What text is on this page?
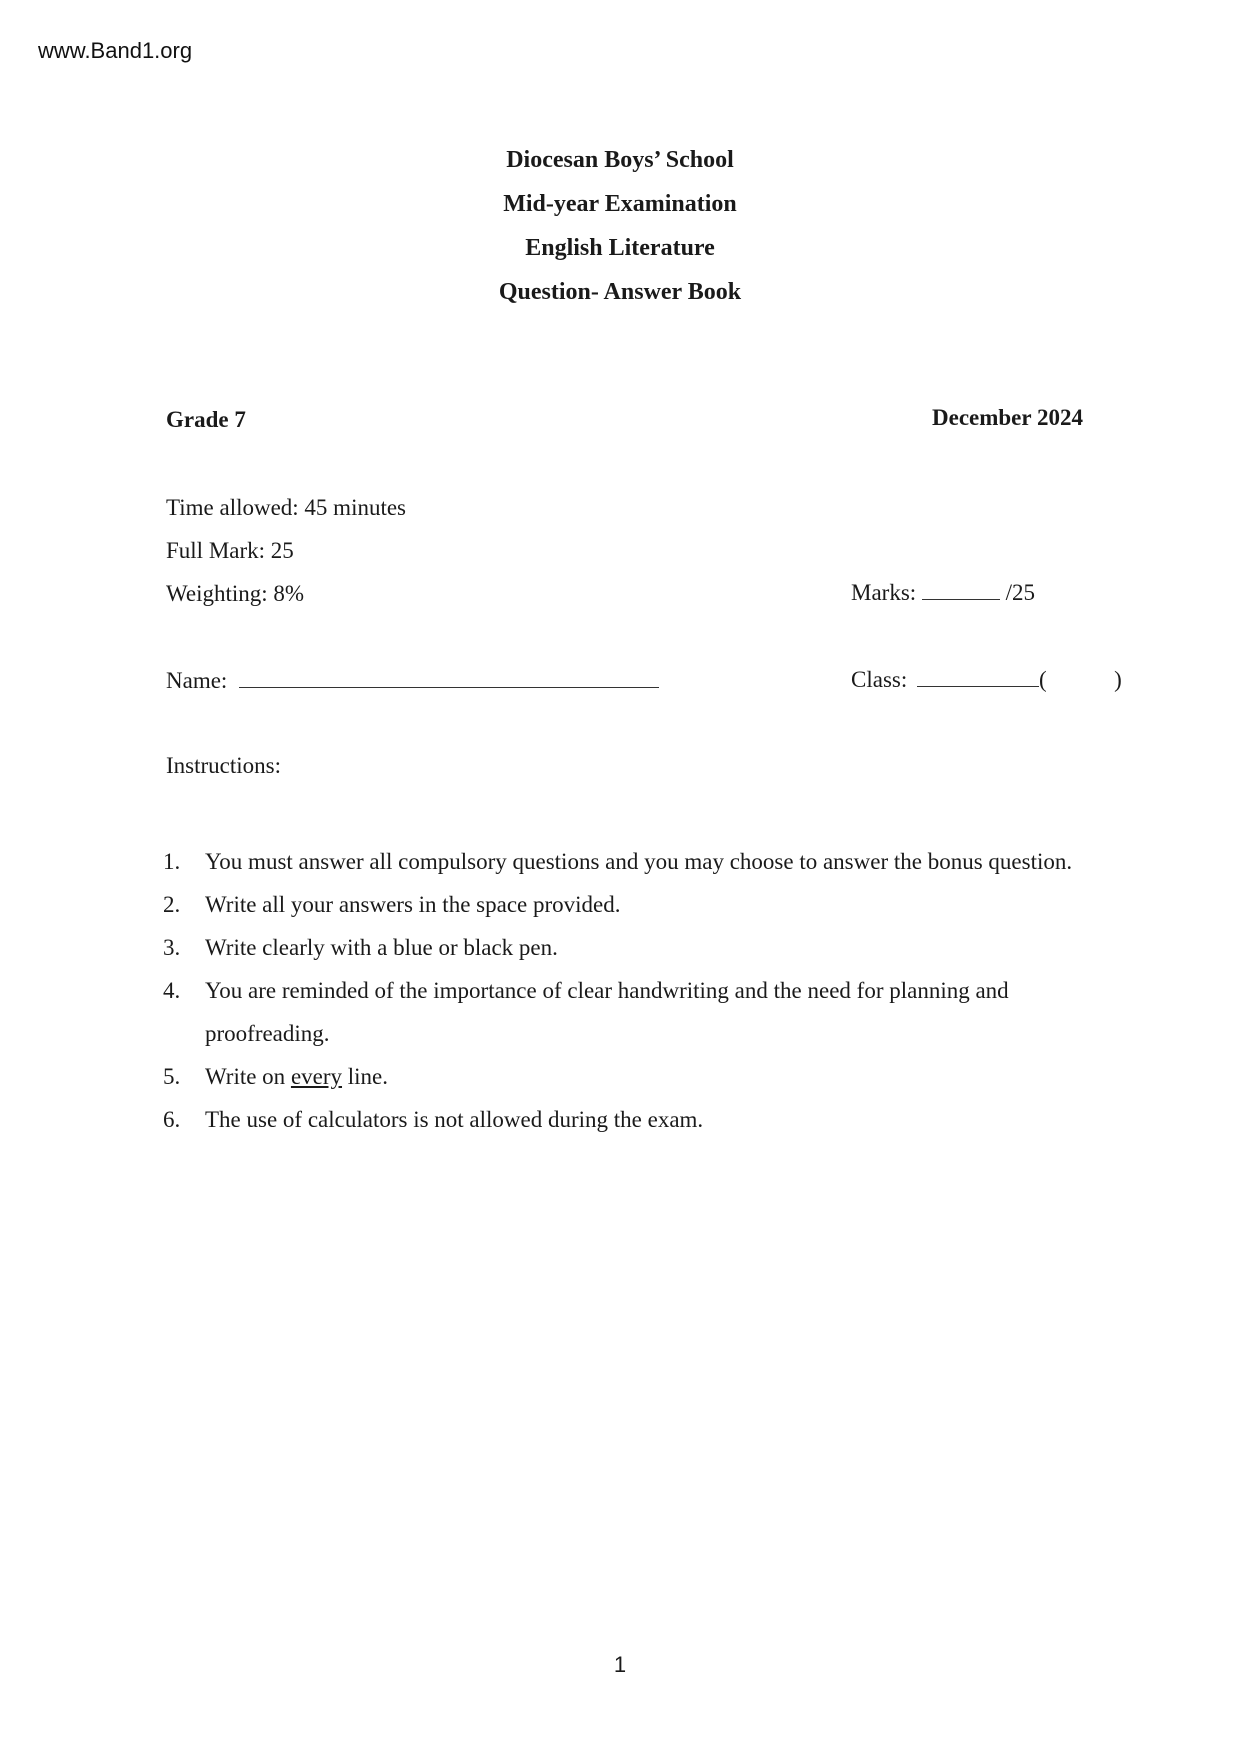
www.Band1.org
Diocesan Boys’ School
Mid-year Examination
English Literature
Question- Answer Book
Grade 7	December 2024
Time allowed: 45 minutes
Full Mark: 25
Weighting: 8%	Marks:	/25
Name:	Class:	(	)
Instructions:
1.	You must answer all compulsory questions and you may choose to answer the bonus question.
2.	Write all your answers in the space provided.
3.	Write clearly with a blue or black pen.
4.	You are reminded of the importance of clear handwriting and the need for planning and proofreading.
5.	Write on every line.
6.	The use of calculators is not allowed during the exam.
1
